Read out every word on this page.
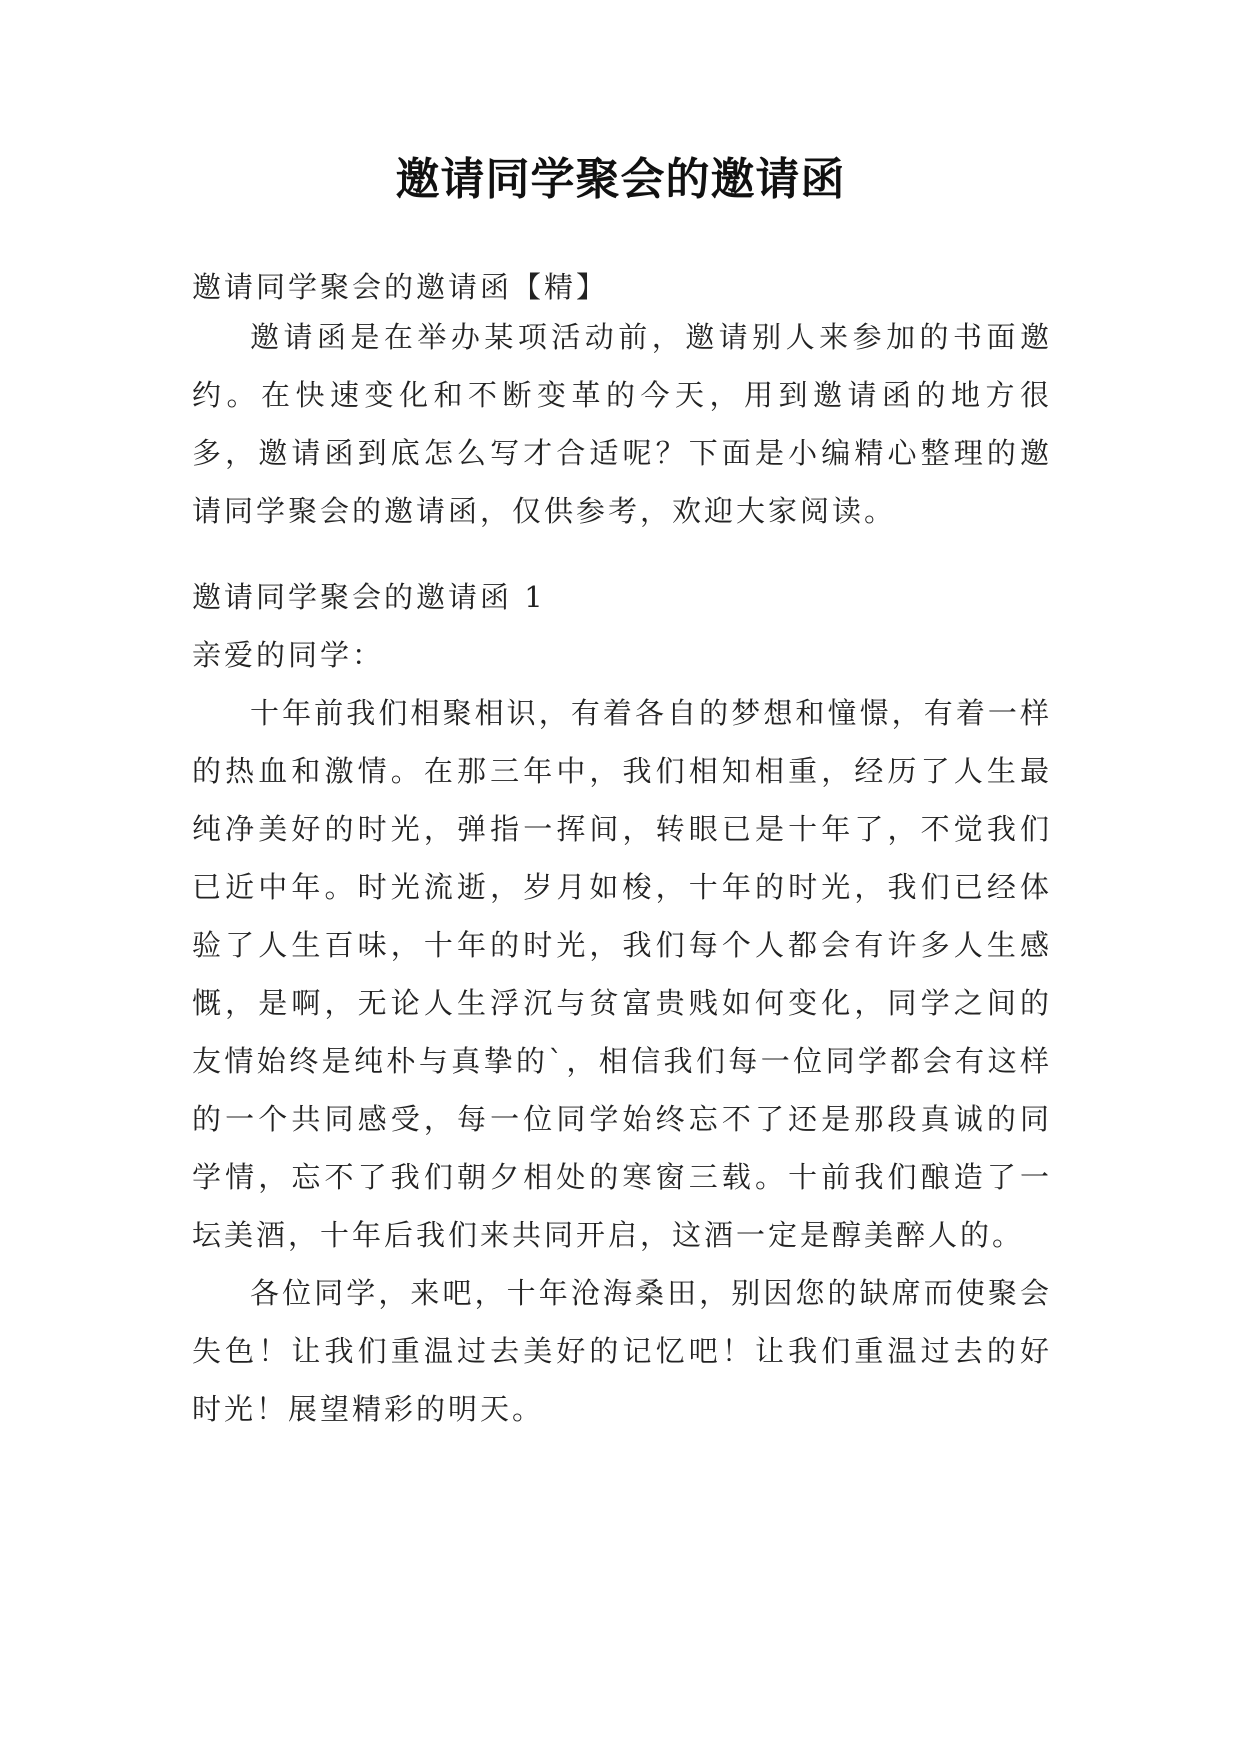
邀请同学聚会的邀请函

邀请同学聚会的邀请函【精】

邀请函是在举办某项活动前，邀请别人来参加的书面邀约。在快速变化和不断变革的今天，用到邀请函的地方很多，邀请函到底怎么写才合适呢？下面是小编精心整理的邀请同学聚会的邀请函，仅供参考，欢迎大家阅读。

邀请同学聚会的邀请函 1

亲爱的同学：

十年前我们相聚相识，有着各自的梦想和憧憬，有着一样的热血和激情。在那三年中，我们相知相重，经历了人生最纯净美好的时光，弹指一挥间，转眼已是十年了，不觉我们已近中年。时光流逝，岁月如梭，十年的时光，我们已经体验了人生百味，十年的时光，我们每个人都会有许多人生感慨，是啊，无论人生浮沉与贫富贵贱如何变化，同学之间的友情始终是纯朴与真挚的`，相信我们每一位同学都会有这样的一个共同感受，每一位同学始终忘不了还是那段真诚的同学情，忘不了我们朝夕相处的寒窗三载。十前我们酿造了一坛美酒，十年后我们来共同开启，这酒一定是醇美醉人的。

各位同学，来吧，十年沧海桑田，别因您的缺席而使聚会失色！让我们重温过去美好的记忆吧！让我们重温过去的好时光！展望精彩的明天。
